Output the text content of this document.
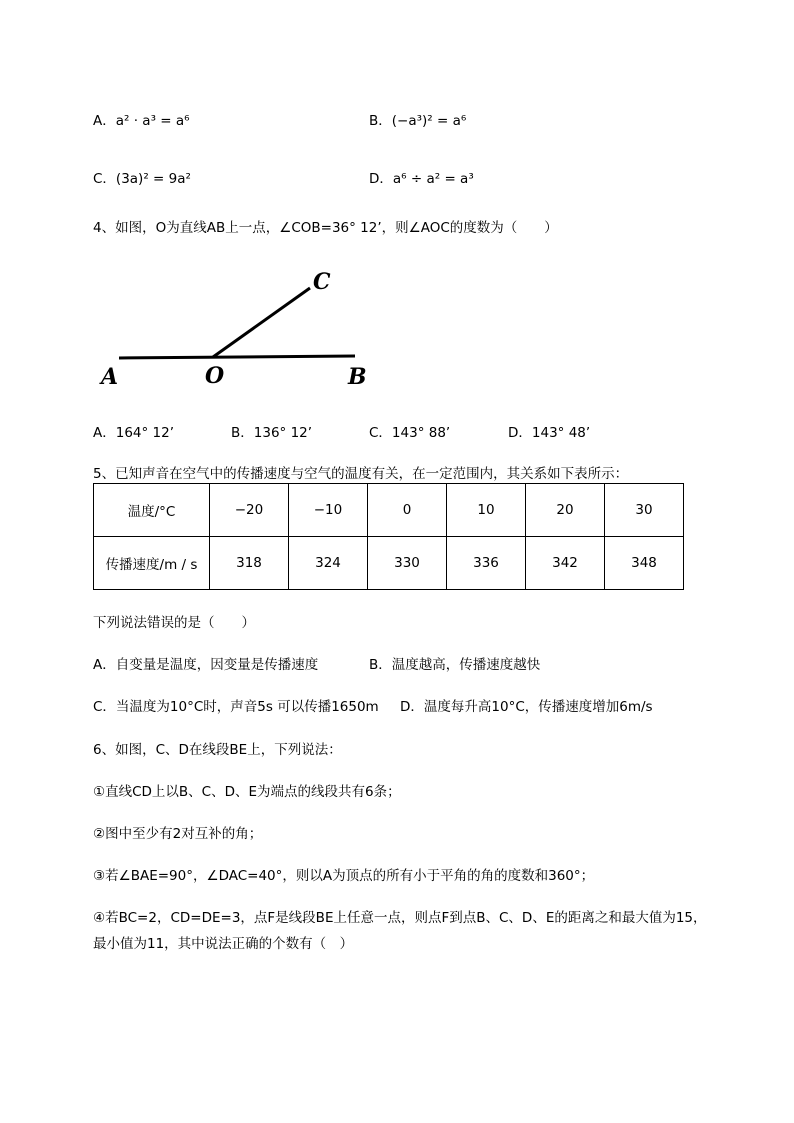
A．a² · a³ = a⁶	B．(−a³)² = a⁶
C．(3a)² = 9a²	D．a⁶ ÷ a² = a³
4、如图，O为直线AB上一点，∠COB=36° 12’，则∠AOC的度数为（　　）
A	O	B
C
A．164° 12’	B．136° 12’	C．143° 88’	D．143° 48’
5、已知声音在空气中的传播速度与空气的温度有关，在一定范围内，其关系如下表所示：
温度/°C	−20	−10	0	10	20	30
传播速度/m / s	318	324	330	336	342	348
下列说法错误的是（　　）
A．自变量是温度，因变量是传播速度	B．温度越高，传播速度越快
C．当温度为10°C时，声音5s 可以传播1650m D．温度每升高10°C，传播速度增加6m/s
6、如图，C、D在线段BE上，下列说法：
①直线CD上以B、C、D、E为端点的线段共有6条；
②图中至少有2对互补的角；
③若∠BAE=90°，∠DAC=40°，则以A为顶点的所有小于平角的角的度数和360°；
④若BC=2，CD=DE=3，点F是线段BE上任意一点，则点F到点B、C、D、E的距离之和最大值为15，
最小值为11，其中说法正确的个数有（　）
